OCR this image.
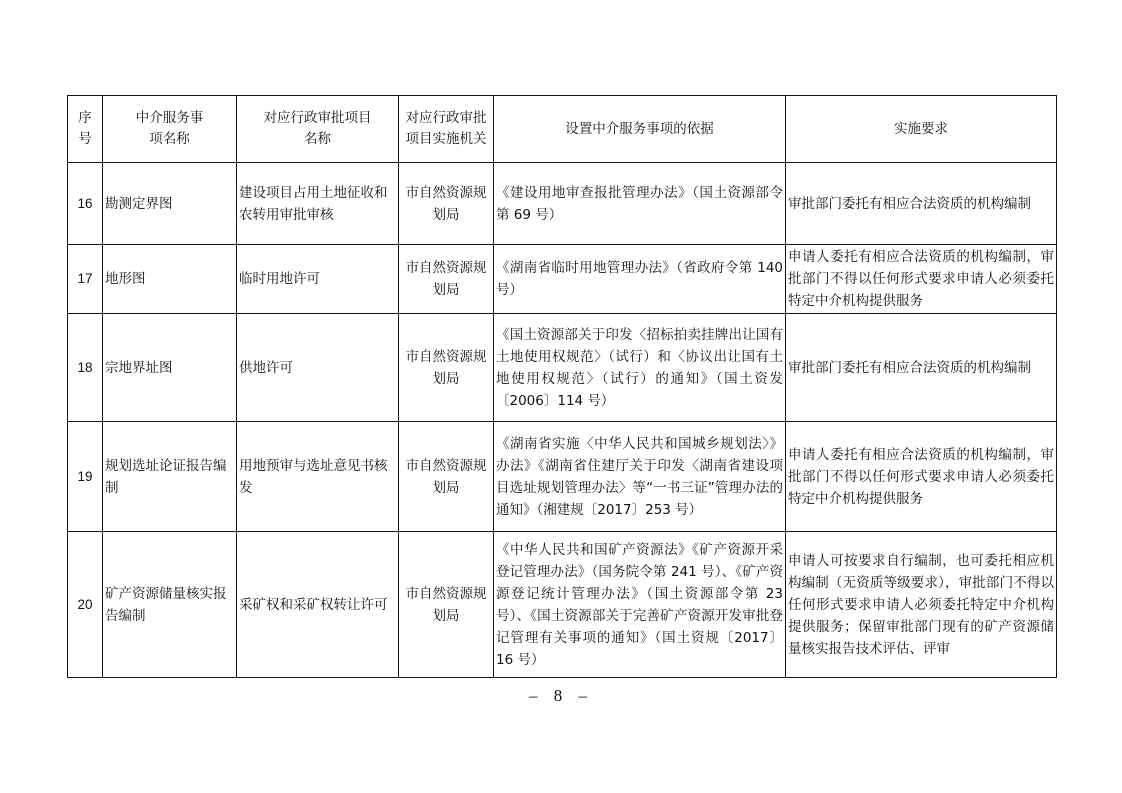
序号	中介服务事项名称	对应行政审批项目名称	对应行政审批项目实施机关	设置中介服务事项的依据	实施要求
16	勘测定界图	建设项目占用土地征收和农转用审批审核	市自然资源规划局	《建设用地审查报批管理办法》（国土资源部令第 69 号）	审批部门委托有相应合法资质的机构编制
17	地形图	临时用地许可	市自然资源规划局	《湖南省临时用地管理办法》（省政府令第 140 号）	申请人委托有相应合法资质的机构编制，审批部门不得以任何形式要求申请人必须委托特定中介机构提供服务
18	宗地界址图	供地许可	市自然资源规划局	《国土资源部关于印发〈招标拍卖挂牌出让国有土地使用权规范〉（试行）和〈协议出让国有土地使用权规范〉（试行）的通知》（国土资发〔2006〕114 号）	审批部门委托有相应合法资质的机构编制
19	规划选址论证报告编制	用地预审与选址意见书核发	市自然资源规划局	《湖南省实施〈中华人民共和国城乡规划法〉》办法》《湖南省住建厅关于印发〈湖南省建设项目选址规划管理办法〉等“一书三证”管理办法的通知》（湘建规〔2017〕253 号）	申请人委托有相应合法资质的机构编制，审批部门不得以任何形式要求申请人必须委托特定中介机构提供服务
20	矿产资源储量核实报告编制	采矿权和采矿权转让许可	市自然资源规划局	《中华人民共和国矿产资源法》《矿产资源开采登记管理办法》（国务院令第 241 号）、《矿产资源登记统计管理办法》（国土资源部令第 23 号）、《国土资源部关于完善矿产资源开发审批登记管理有关事项的通知》（国土资规〔2017〕16 号）	申请人可按要求自行编制，也可委托相应机构编制（无资质等级要求），审批部门不得以任何形式要求申请人必须委托特定中介机构提供服务；保留审批部门现有的矿产资源储量核实报告技术评估、评审
– 8 –
